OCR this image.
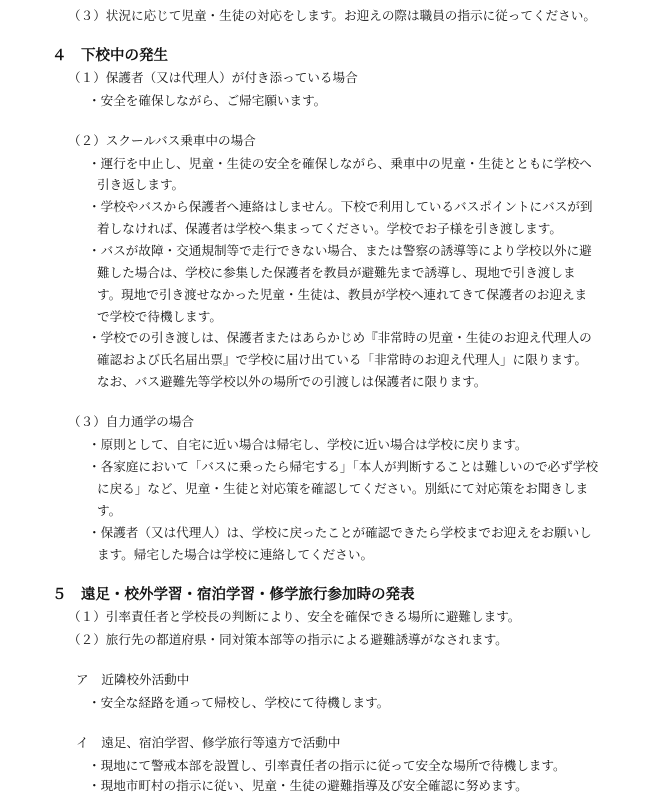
（３）状況に応じて児童・生徒の対応をします。お迎えの際は職員の指示に従ってください。
４　下校中の発生
（１）保護者（又は代理人）が付き添っている場合
・安全を確保しながら、ご帰宅願います。
（２）スクールバス乗車中の場合
・運行を中止し、児童・生徒の安全を確保しながら、乗車中の児童・生徒とともに学校へ
引き返します。
・学校やバスから保護者へ連絡はしません。下校で利用しているバスポイントにバスが到
着しなければ、保護者は学校へ集まってください。学校でお子様を引き渡します。
・バスが故障・交通規制等で走行できない場合、または警察の誘導等により学校以外に避
難した場合は、学校に参集した保護者を教員が避難先まで誘導し、現地で引き渡しま
す。現地で引き渡せなかった児童・生徒は、教員が学校へ連れてきて保護者のお迎えま
で学校で待機します。
・学校での引き渡しは、保護者またはあらかじめ『非常時の児童・生徒のお迎え代理人の
確認および氏名届出票』で学校に届け出ている「非常時のお迎え代理人」に限ります。
なお、バス避難先等学校以外の場所での引渡しは保護者に限ります。
（３）自力通学の場合
・原則として、自宅に近い場合は帰宅し、学校に近い場合は学校に戻ります。
・各家庭において「バスに乗ったら帰宅する」「本人が判断することは難しいので必ず学校
に戻る」など、児童・生徒と対応策を確認してください。別紙にて対応策をお聞きしま
す。
・保護者（又は代理人）は、学校に戻ったことが確認できたら学校までお迎えをお願いし
ます。帰宅した場合は学校に連絡してください。
５　遠足・校外学習・宿泊学習・修学旅行参加時の発表
（１）引率責任者と学校長の判断により、安全を確保できる場所に避難します。
（２）旅行先の都道府県・同対策本部等の指示による避難誘導がなされます。
ア　近隣校外活動中
・安全な経路を通って帰校し、学校にて待機します。
イ　遠足、宿泊学習、修学旅行等遠方で活動中
・現地にて警戒本部を設置し、引率責任者の指示に従って安全な場所で待機します。
・現地市町村の指示に従い、児童・生徒の避難指導及び安全確認に努めます。
